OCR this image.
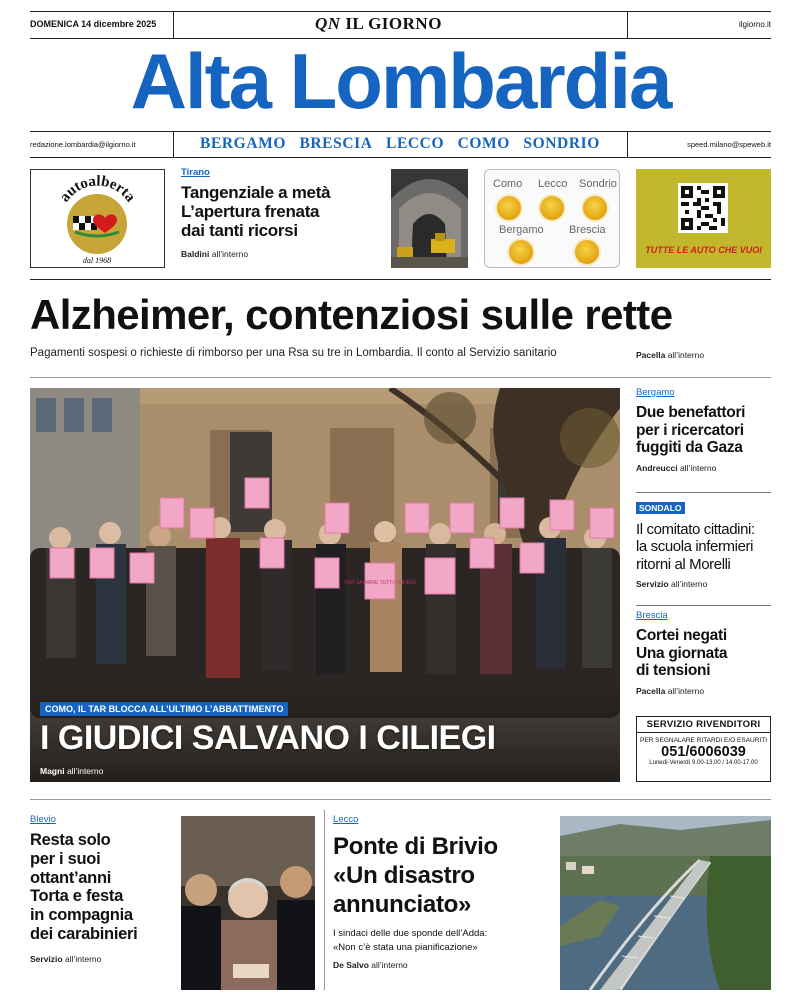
DOMENICA 14 dicembre 2025	QN IL GIORNO	ilgiorno.it
Alta Lombardia
redazione.lombardia@ilgiorno.it	BERGAMO BRESCIA LECCO COMO SONDRIO	speed.milano@speweb.it
autoalberta
dal 1968
Tirano
Tangenziale a metà
L’apertura frenata
dai tanti ricorsi
Baldini all’interno
Como Lecco Sondrio
Bergamo Brescia
TUTTE LE AUTO CHE VUOI
Alzheimer, contenziosi sulle rette
Pagamenti sospesi o richieste di rimborso per una Rsa su tre in Lombardia. Il conto al Servizio sanitario	Pacella all’interno
PER SALVARE TUTTI I CILIEGI
COMO, IL TAR BLOCCA ALL’ULTIMO L’ABBATTIMENTO
I GIUDICI SALVANO I CILIEGI
Magni all’interno
Bergamo
Due benefattori
per i ricercatori
fuggiti da Gaza
Andreucci all’interno
SONDALO
Il comitato cittadini:
la scuola infermieri
ritorni al Morelli
Servizio all’interno
Brescia
Cortei negati
Una giornata
di tensioni
Pacella all’interno
SERVIZIO RIVENDITORI
PER SEGNALARE RITARDI E/O ESAURITI
051/6006039
Lunedì-Venerdì 9.00-13.00 / 14.00-17.00
Blevio
Resta solo
per i suoi
ottant’anni
Torta e festa
in compagnia
dei carabinieri
Servizio all’interno
Lecco
Ponte di Brivio
«Un disastro
annunciato»
I sindaci delle due sponde dell’Adda:
«Non c’è stata una pianificazione»
De Salvo all’interno
